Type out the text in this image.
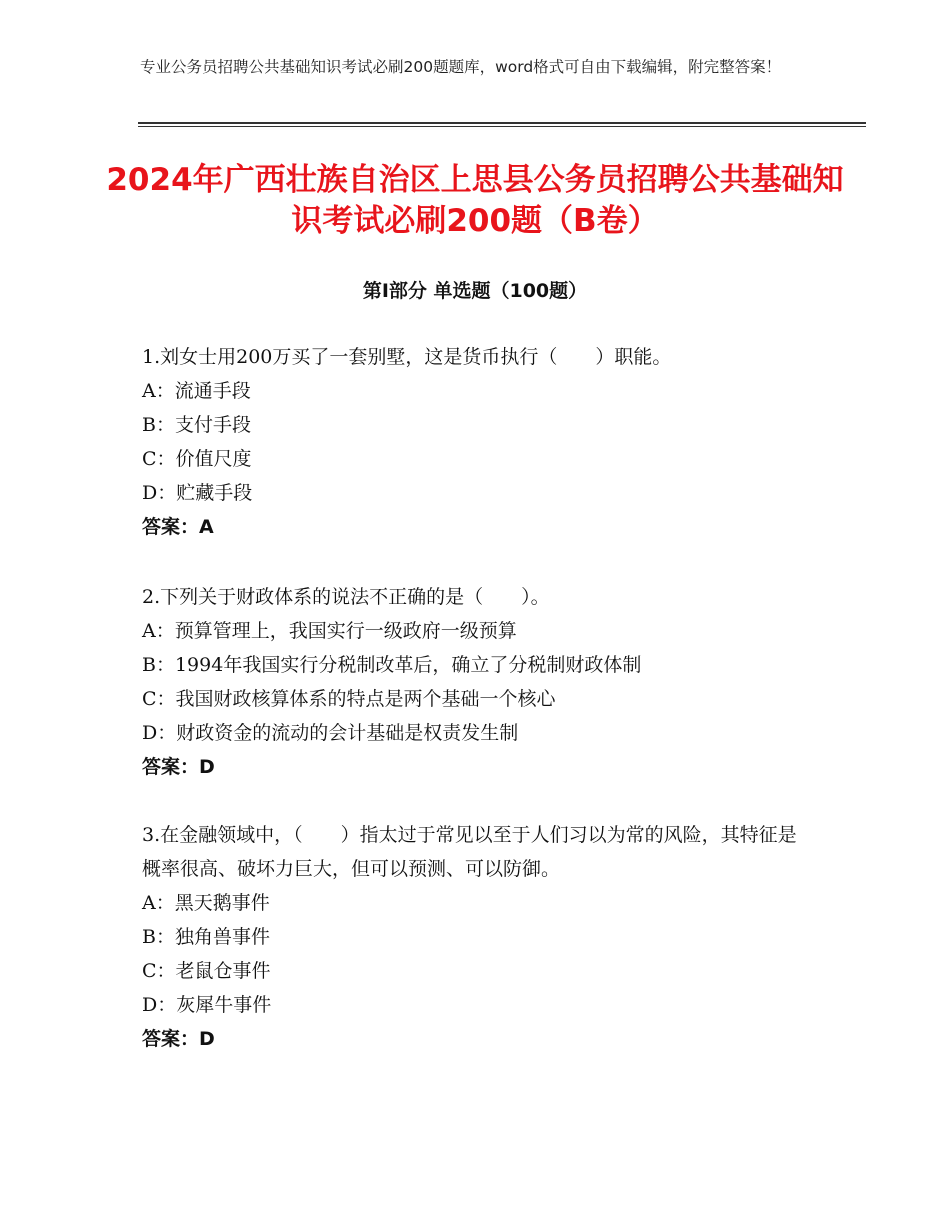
专业公务员招聘公共基础知识考试必刷200题题库，word格式可自由下载编辑，附完整答案！
2024年广西壮族自治区上思县公务员招聘公共基础知识考试必刷200题（B卷）
第Ⅰ部分 单选题（100题）
1.刘女士用200万买了一套别墅，这是货币执行（　　）职能。
A：流通手段
B：支付手段
C：价值尺度
D：贮藏手段
答案：A
2.下列关于财政体系的说法不正确的是（　　）。
A：预算管理上，我国实行一级政府一级预算
B：1994年我国实行分税制改革后，确立了分税制财政体制
C：我国财政核算体系的特点是两个基础一个核心
D：财政资金的流动的会计基础是权责发生制
答案：D
3.在金融领域中，（　　）指太过于常见以至于人们习以为常的风险，其特征是概率很高、破坏力巨大，但可以预测、可以防御。
A：黑天鹅事件
B：独角兽事件
C：老鼠仓事件
D：灰犀牛事件
答案：D
